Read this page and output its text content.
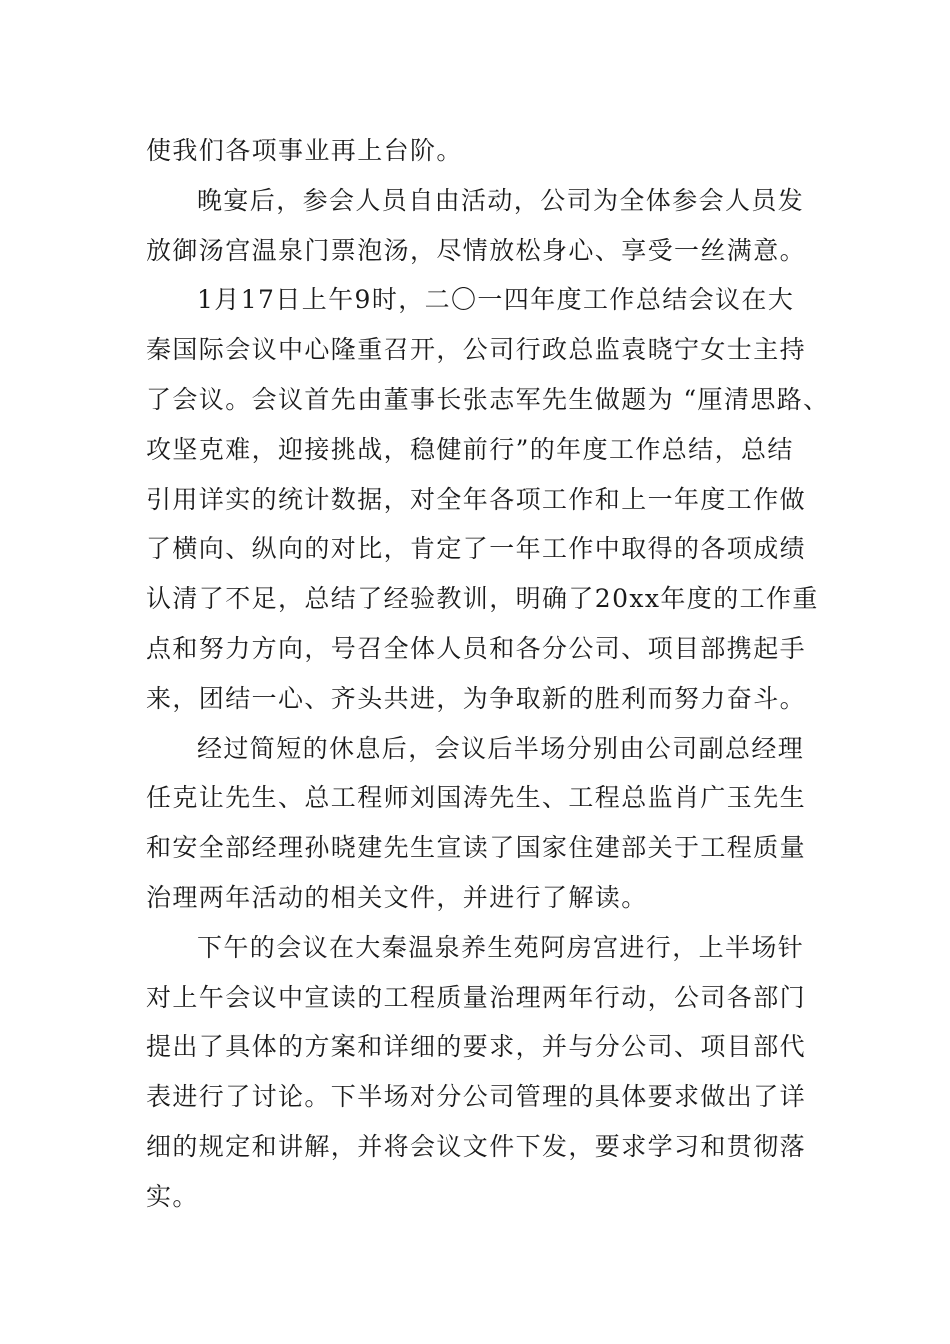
使我们各项事业再上台阶。
晚宴后，参会人员自由活动，公司为全体参会人员发
放御汤宫温泉门票泡汤，尽情放松身心、享受一丝满意。
1月17日上午9时，二〇一四年度工作总结会议在大
秦国际会议中心隆重召开，公司行政总监袁晓宁女士主持
了会议。会议首先由董事长张志军先生做题为 “厘清思路、
攻坚克难，迎接挑战，稳健前行”的年度工作总结，总结
引用详实的统计数据，对全年各项工作和上一年度工作做
了横向、纵向的对比，肯定了一年工作中取得的各项成绩
认清了不足，总结了经验教训，明确了20xx年度的工作重
点和努力方向，号召全体人员和各分公司、项目部携起手
来，团结一心、齐头共进，为争取新的胜利而努力奋斗。
经过简短的休息后，会议后半场分别由公司副总经理
任克让先生、总工程师刘国涛先生、工程总监肖广玉先生
和安全部经理孙晓建先生宣读了国家住建部关于工程质量
治理两年活动的相关文件，并进行了解读。
下午的会议在大秦温泉养生苑阿房宫进行，上半场针
对上午会议中宣读的工程质量治理两年行动，公司各部门
提出了具体的方案和详细的要求，并与分公司、项目部代
表进行了讨论。下半场对分公司管理的具体要求做出了详
细的规定和讲解，并将会议文件下发，要求学习和贯彻落
实。
